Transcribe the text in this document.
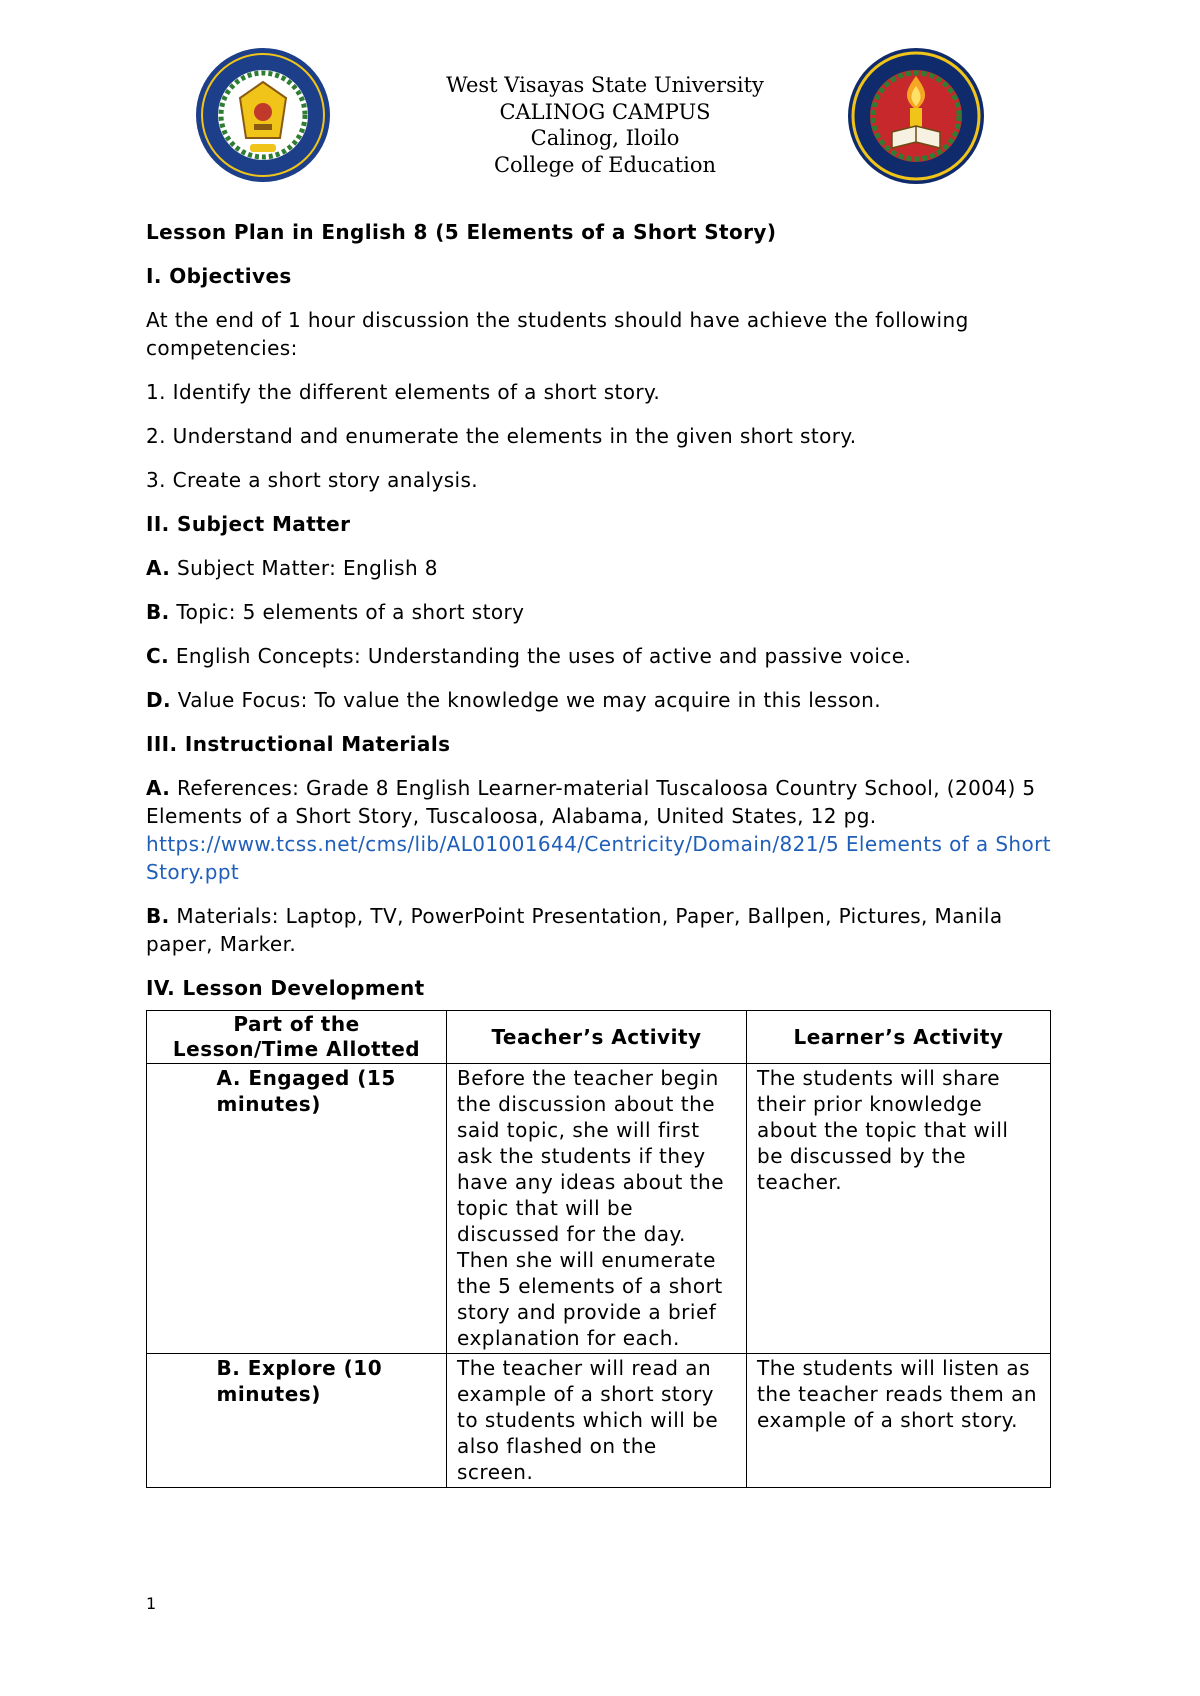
West Visayas State University
CALINOG CAMPUS
Calinog, Iloilo
College of Education

Lesson Plan in English 8 (5 Elements of a Short Story)

I. Objectives

At the end of 1 hour discussion the students should have achieve the following competencies:

1. Identify the different elements of a short story.

2. Understand and enumerate the elements in the given short story.

3. Create a short story analysis.

II. Subject Matter

A. Subject Matter: English 8

B. Topic: 5 elements of a short story

C. English Concepts: Understanding the uses of active and passive voice.

D. Value Focus: To value the knowledge we may acquire in this lesson.

III. Instructional Materials

A. References: Grade 8 English Learner-material Tuscaloosa Country School, (2004) 5 Elements of a Short Story, Tuscaloosa, Alabama, United States, 12 pg. https://www.tcss.net/cms/lib/AL01001644/Centricity/Domain/821/5 Elements of a Short Story.ppt

B. Materials: Laptop, TV, PowerPoint Presentation, Paper, Ballpen, Pictures, Manila paper, Marker.

IV. Lesson Development

Part of the Lesson/Time Allotted	Teacher’s Activity	Learner’s Activity
A. Engaged (15 minutes)	Before the teacher begin the discussion about the said topic, she will first ask the students if they have any ideas about the topic that will be discussed for the day. Then she will enumerate the 5 elements of a short story and provide a brief explanation for each.	The students will share their prior knowledge about the topic that will be discussed by the teacher.
B. Explore (10 minutes)	The teacher will read an example of a short story to students which will be also flashed on the screen.	The students will listen as the teacher reads them an example of a short story.
1
